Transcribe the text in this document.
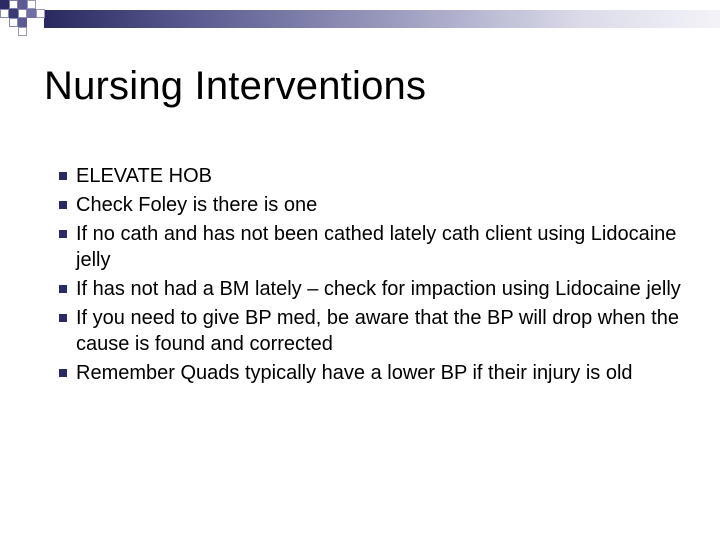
Nursing Interventions
ELEVATE HOB
Check Foley is there is one
If no cath and has not been cathed lately cath client using Lidocaine jelly
If has not had a BM lately – check for impaction using Lidocaine jelly
If you need to give BP med, be aware that the BP will drop when the cause is found and corrected
Remember Quads typically have a lower BP if their injury is old
